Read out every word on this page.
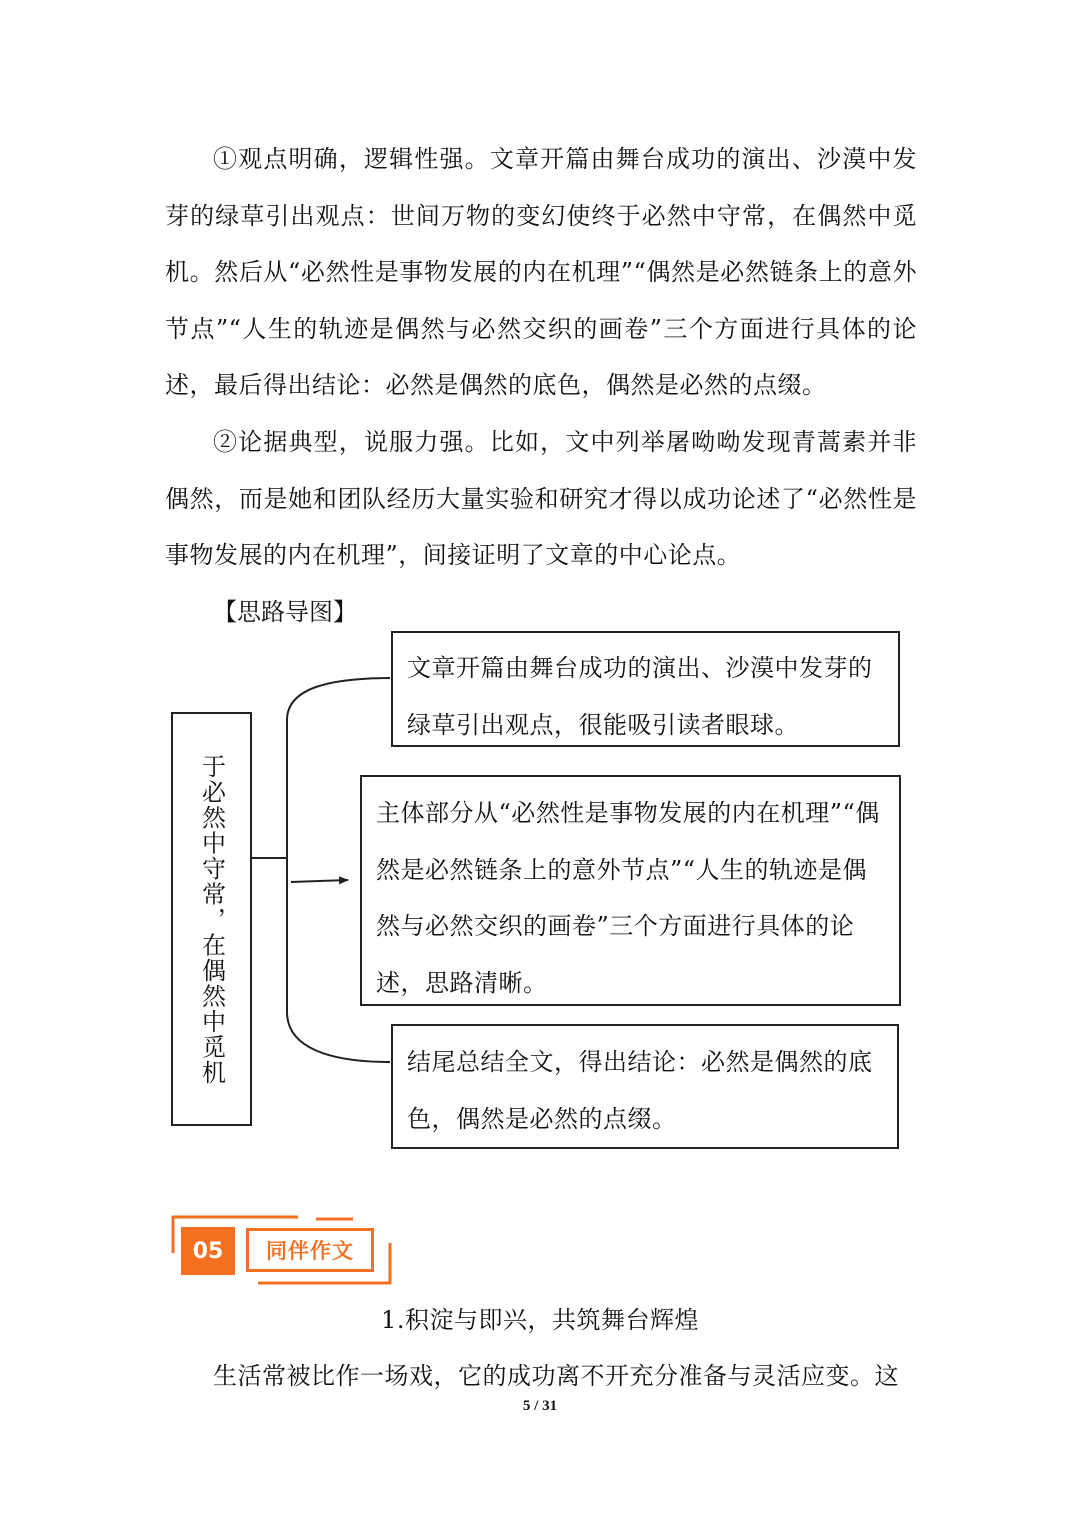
①观点明确，逻辑性强。文章开篇由舞台成功的演出、沙漠中发芽的绿草引出观点：世间万物的变幻使终于必然中守常，在偶然中觅机。然后从“必然性是事物发展的内在机理”“偶然是必然链条上的意外节点”“人生的轨迹是偶然与必然交织的画卷”三个方面进行具体的论述，最后得出结论：必然是偶然的底色，偶然是必然的点缀。

②论据典型，说服力强。比如，文中列举屠呦呦发现青蒿素并非偶然，而是她和团队经历大量实验和研究才得以成功论述了“必然性是事物发展的内在机理”，间接证明了文章的中心论点。

【思路导图】
于必然中守常，在偶然中觅机
文章开篇由舞台成功的演出、沙漠中发芽的绿草引出观点，很能吸引读者眼球。
主体部分从“必然性是事物发展的内在机理”“偶然是必然链条上的意外节点”“人生的轨迹是偶然与必然交织的画卷”三个方面进行具体的论述，思路清晰。
结尾总结全文，得出结论：必然是偶然的底色，偶然是必然的点缀。
05	同伴作文
1.积淀与即兴，共筑舞台辉煌

生活常被比作一场戏，它的成功离不开充分准备与灵活应变。这

5 / 31
